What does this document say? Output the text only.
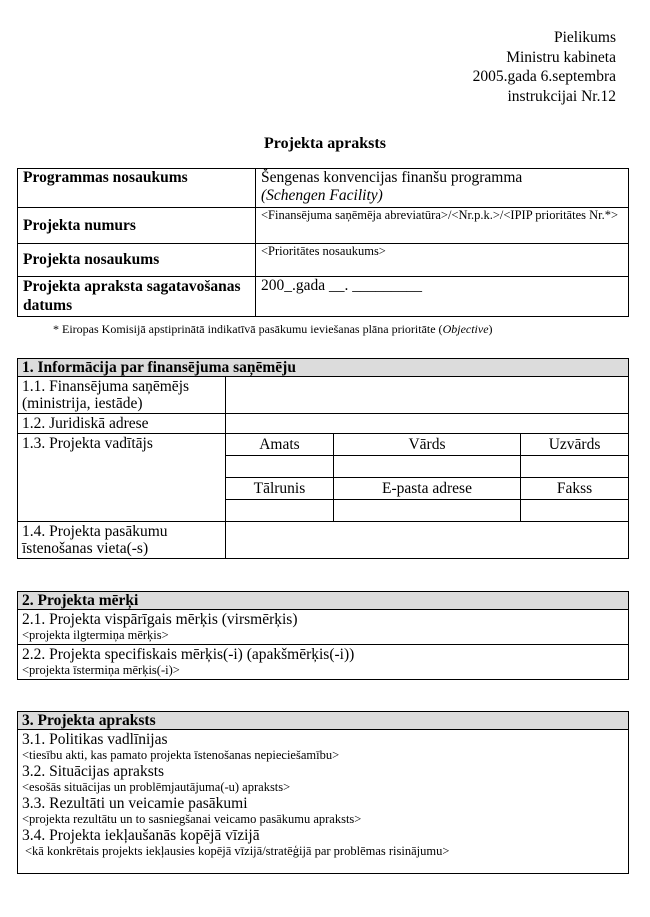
Pielikums
Ministru kabineta
2005.gada 6.septembra
instrukcijai Nr.12
Projekta apraksts
Programmas nosaukums	Šengenas konvencijas finanšu programma
(Schengen Facility)

Projekta numurs	<Finansējuma saņēmēja abreviatūra>/<Nr.p.k.>/<IPIP prioritātes Nr.*>
Projekta nosaukums	<Prioritātes nosaukums>
Projekta apraksta sagatavošanas datums	200_.gada __. _________
* Eiropas Komisijā apstiprinātā indikatīvā pasākumu ieviešanas plāna prioritāte (Objective)
1. Informācija par finansējuma saņēmēju
1.1. Finansējuma saņēmējs (ministrija, iestāde)	
1.2. Juridiskā adrese	
1.3. Projekta vadītājs		Amats	Vārds	Uzvārds

Tālrunis	E-pasta adrese	Fakss

1.4. Projekta pasākumu īstenošanas vieta(-s)	
2. Projekta mērķi
2.1. Projekta vispārīgais mērķis (virsmērķis)
<projekta ilgtermiņa mērķis>

2.2. Projekta specifiskais mērķis(-i) (apakšmērķis(-i))
<projekta īstermiņa mērķis(-i)>
3. Projekta apraksts
3.1. Politikas vadlīnijas
<tiesību akti, kas pamato projekta īstenošanas nepieciešamību>
3.2. Situācijas apraksts
<esošās situācijas un problēmjautājuma(-u) apraksts>
3.3. Rezultāti un veicamie pasākumi
<projekta rezultātu un to sasniegšanai veicamo pasākumu apraksts>
3.4. Projekta iekļaušanās kopējā vīzijā
<kā konkrētais projekts iekļausies kopējā vīzijā/stratēģijā par problēmas risinājumu>
